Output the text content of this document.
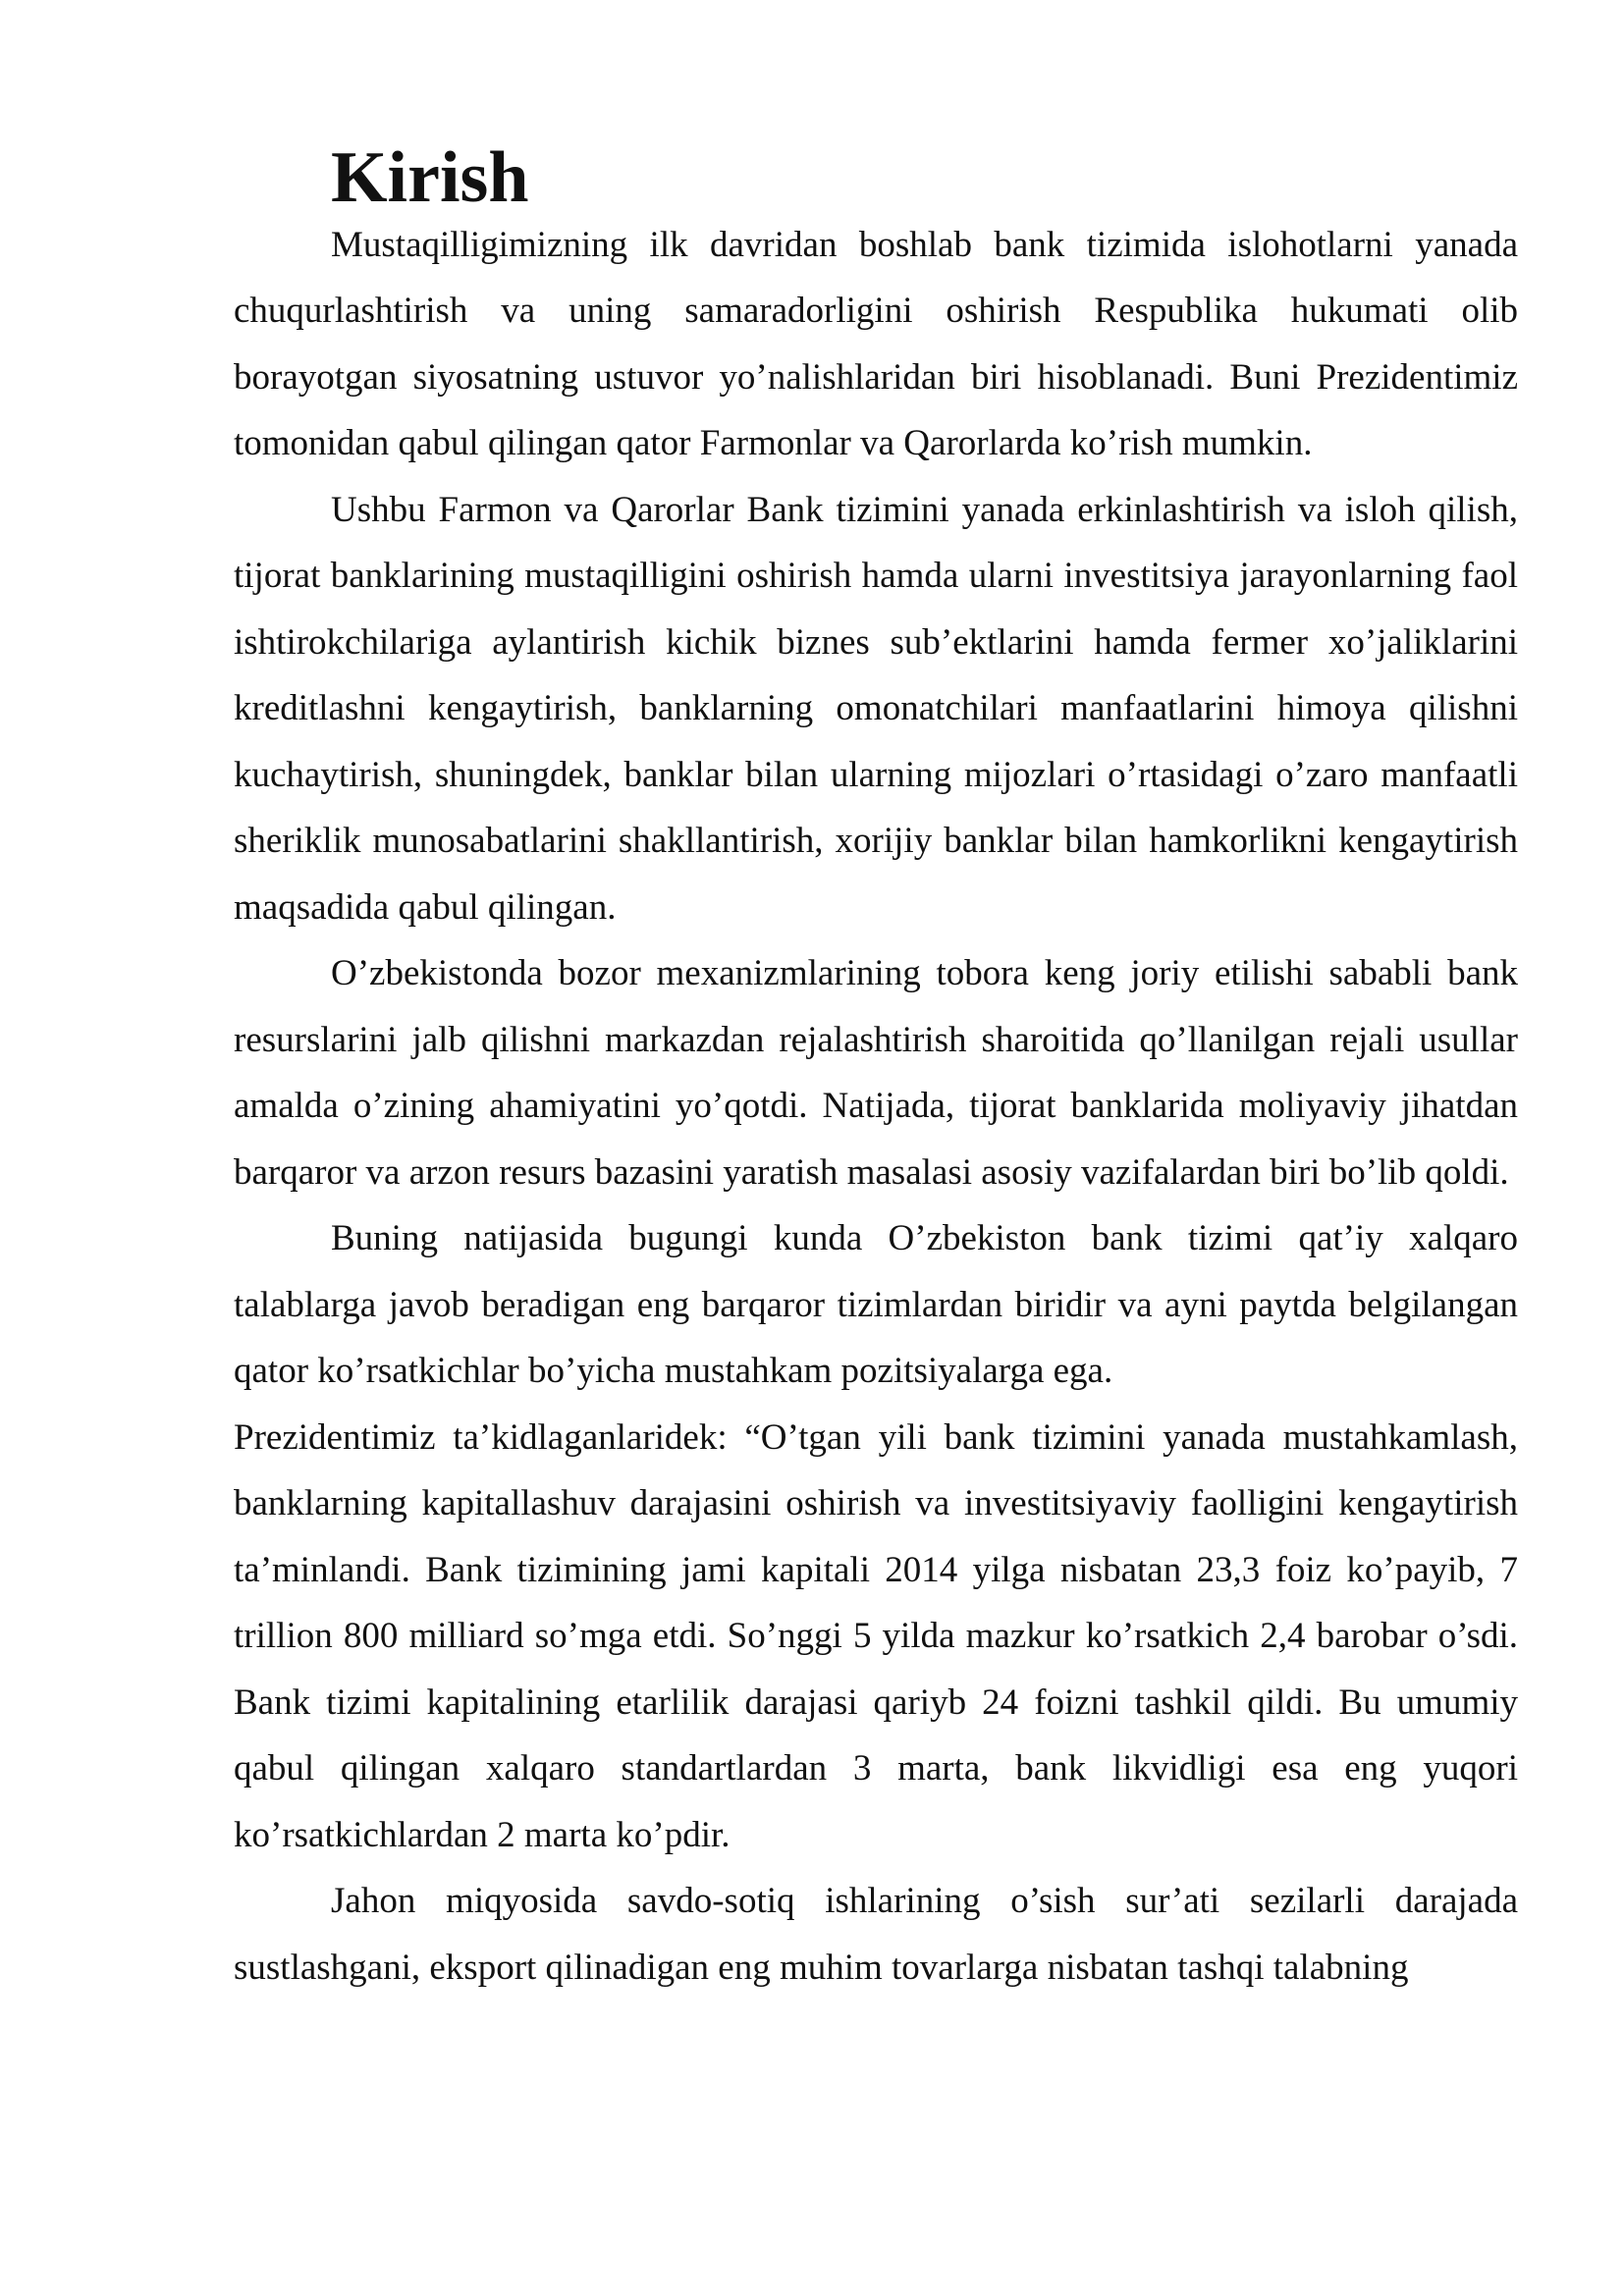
Kirish

Mustaqilligimizning ilk davridan boshlab bank tizimida islohotlarni yanada chuqurlashtirish va uning samaradorligini oshirish Respublika hukumati olib borayotgan siyosatning ustuvor yo’nalishlaridan biri hisoblanadi. Buni Prezidentimiz tomonidan qabul qilingan qator Farmonlar va Qarorlarda ko’rish mumkin.

Ushbu Farmon va Qarorlar Bank tizimini yanada erkinlashtirish va isloh qilish, tijorat banklarining mustaqilligini oshirish hamda ularni investitsiya jarayonlarning faol ishtirokchilariga aylantirish kichik biznes sub’ektlarini hamda fermer xo’jaliklarini kreditlashni kengaytirish, banklarning omonatchilari manfaatlarini himoya qilishni kuchaytirish, shuningdek, banklar bilan ularning mijozlari o’rtasidagi o’zaro manfaatli sheriklik munosabatlarini shakllantirish, xorijiy banklar bilan hamkorlikni kengaytirish maqsadida qabul qilingan.

O’zbekistonda bozor mexanizmlarining tobora keng joriy etilishi sababli bank resurslarini jalb qilishni markazdan rejalashtirish sharoitida qo’llanilgan rejali usullar amalda o’zining ahamiyatini yo’qotdi. Natijada, tijorat banklarida moliyaviy jihatdan barqaror va arzon resurs bazasini yaratish masalasi asosiy vazifalardan biri bo’lib qoldi.

Buning natijasida bugungi kunda O’zbekiston bank tizimi qat’iy xalqaro talablarga javob beradigan eng barqaror tizimlardan biridir va ayni paytda belgilangan qator ko’rsatkichlar bo’yicha mustahkam pozitsiyalarga ega.

Prezidentimiz ta’kidlaganlaridek: “O’tgan yili bank tizimini yanada mustahkamlash, banklarning kapitallashuv darajasini oshirish va investitsiyaviy faolligini kengaytirish ta’minlandi. Bank tizimining jami kapitali 2014 yilga nisbatan 23,3 foiz ko’payib, 7 trillion 800 milliard so’mga etdi. So’nggi 5 yilda mazkur ko’rsatkich 2,4 barobar o’sdi. Bank tizimi kapitalining etarlilik darajasi qariyb 24 foizni tashkil qildi. Bu umumiy qabul qilingan xalqaro standartlardan 3 marta, bank likvidligi esa eng yuqori ko’rsatkichlardan 2 marta ko’pdir.

Jahon miqyosida savdo-sotiq ishlarining o’sish sur’ati sezilarli darajada sustlashgani, eksport qilinadigan eng muhim tovarlarga nisbatan tashqi talabning
